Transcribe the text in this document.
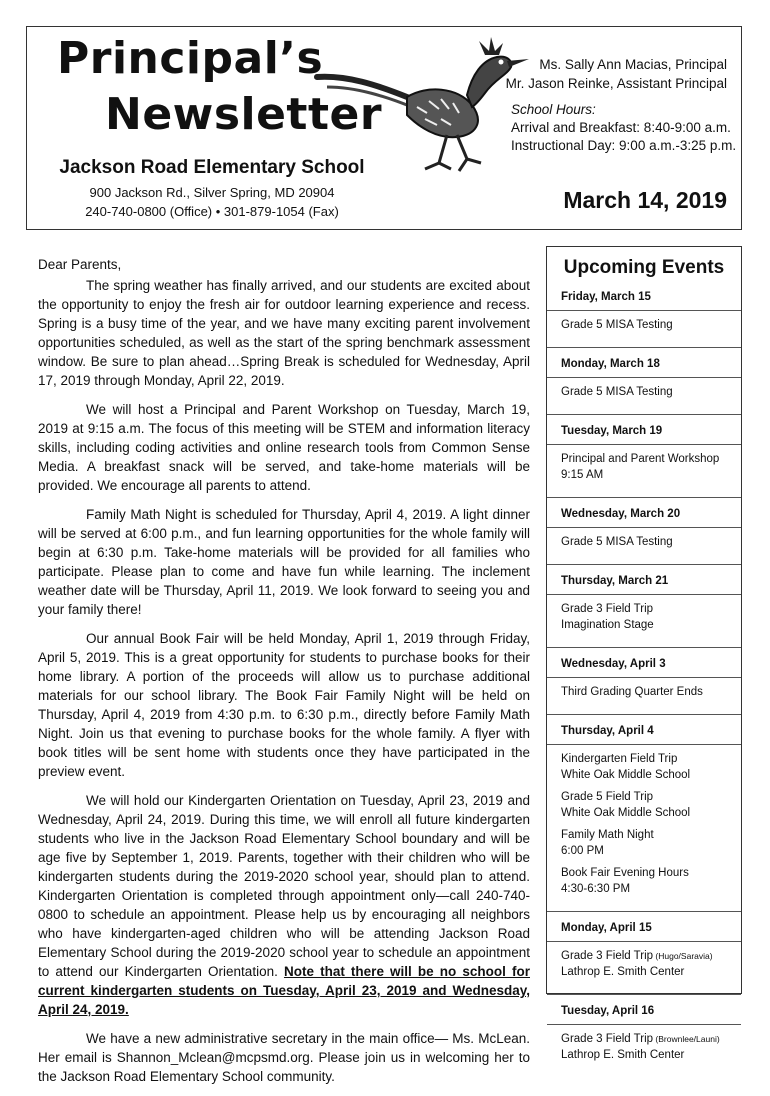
Principal’s
Newsletter
Jackson Road Elementary School
900 Jackson Rd., Silver Spring, MD 20904
240-740-0800 (Office) • 301-879-1054 (Fax)
Ms. Sally Ann Macias, Principal
Mr. Jason Reinke, Assistant Principal
School Hours:
Arrival and Breakfast: 8:40-9:00 a.m.
Instructional Day: 9:00 a.m.-3:25 p.m.
March 14, 2019

Dear Parents,

The spring weather has finally arrived, and our students are excited about the opportunity to enjoy the fresh air for outdoor learning experience and recess. Spring is a busy time of the year, and we have many exciting parent involvement opportunities scheduled, as well as the start of the spring benchmark assessment window. Be sure to plan ahead…Spring Break is scheduled for Wednesday, April 17, 2019 through Monday, April 22, 2019.

We will host a Principal and Parent Workshop on Tuesday, March 19, 2019 at 9:15 a.m. The focus of this meeting will be STEM and information literacy skills, including coding activities and online research tools from Common Sense Media. A breakfast snack will be served, and take-home materials will be provided. We encourage all parents to attend.

Family Math Night is scheduled for Thursday, April 4, 2019. A light dinner will be served at 6:00 p.m., and fun learning opportunities for the whole family will begin at 6:30 p.m. Take-home materials will be provided for all families who participate. Please plan to come and have fun while learning. The inclement weather date will be Thursday, April 11, 2019. We look forward to seeing you and your family there!

Our annual Book Fair will be held Monday, April 1, 2019 through Friday, April 5, 2019. This is a great opportunity for students to purchase books for their home library. A portion of the proceeds will allow us to purchase additional materials for our school library. The Book Fair Family Night will be held on Thursday, April 4, 2019 from 4:30 p.m. to 6:30 p.m., directly before Family Math Night. Join us that evening to purchase books for the whole family. A flyer with book titles will be sent home with students once they have participated in the preview event.

We will hold our Kindergarten Orientation on Tuesday, April 23, 2019 and Wednesday, April 24, 2019. During this time, we will enroll all future kindergarten students who live in the Jackson Road Elementary School boundary and will be age five by September 1, 2019. Parents, together with their children who will be kindergarten students during the 2019-2020 school year, should plan to attend. Kindergarten Orientation is completed through appointment only—call 240-740-0800 to schedule an appointment. Please help us by encouraging all neighbors who have kindergarten-aged children who will be attending Jackson Road Elementary School during the 2019-2020 school year to schedule an appointment to attend our Kindergarten Orientation. Note that there will be no school for current kindergarten students on Tuesday, April 23, 2019 and Wednesday, April 24, 2019.

We have a new administrative secretary in the main office— Ms. McLean. Her email is Shannon_Mclean@mcpsmd.org. Please join us in welcoming her to the Jackson Road Elementary School community.

Upcoming Events
Friday, March 15
Grade 5 MISA Testing
Monday, March 18
Grade 5 MISA Testing
Tuesday, March 19
Principal and Parent Workshop
9:15 AM
Wednesday, March 20
Grade 5 MISA Testing
Thursday, March 21
Grade 3 Field Trip
Imagination Stage
Wednesday, April 3
Third Grading Quarter Ends
Thursday, April 4
Kindergarten Field Trip
White Oak Middle School
Grade 5 Field Trip
White Oak Middle School
Family Math Night
6:00 PM
Book Fair Evening Hours
4:30-6:30 PM
Monday, April 15
Grade 3 Field Trip (Hugo/Saravia)
Lathrop E. Smith Center
Tuesday, April 16
Grade 3 Field Trip (Brownlee/Launi)
Lathrop E. Smith Center
